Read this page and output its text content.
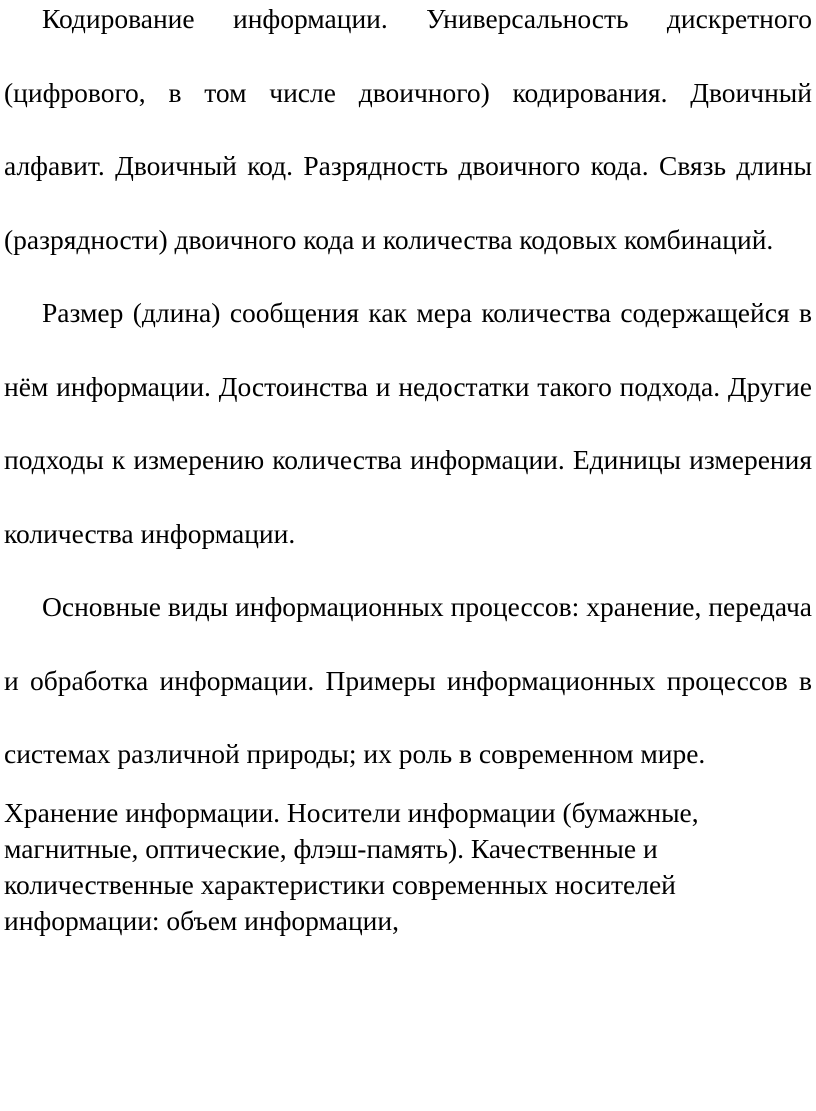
Кодирование информации. Универсальность дискретного (цифрового, в том числе двоичного) кодирования. Двоичный алфавит. Двоичный код. Разрядность двоичного кода. Связь длины (разрядности) двоичного кода и количества кодовых комбинаций.

Размер (длина) сообщения как мера количества содержащейся в нём информации. Достоинства и недостатки такого подхода. Другие подходы к измерению количества информации. Единицы измерения количества информации.

Основные виды информационных процессов: хранение, передача и обработка информации. Примеры информационных процессов в системах различной природы; их роль в современном мире.

Хранение информации. Носители информации (бумажные, магнитные, оптические, флэш-память). Качественные и количественные характеристики современных носителей информации: объем информации,
